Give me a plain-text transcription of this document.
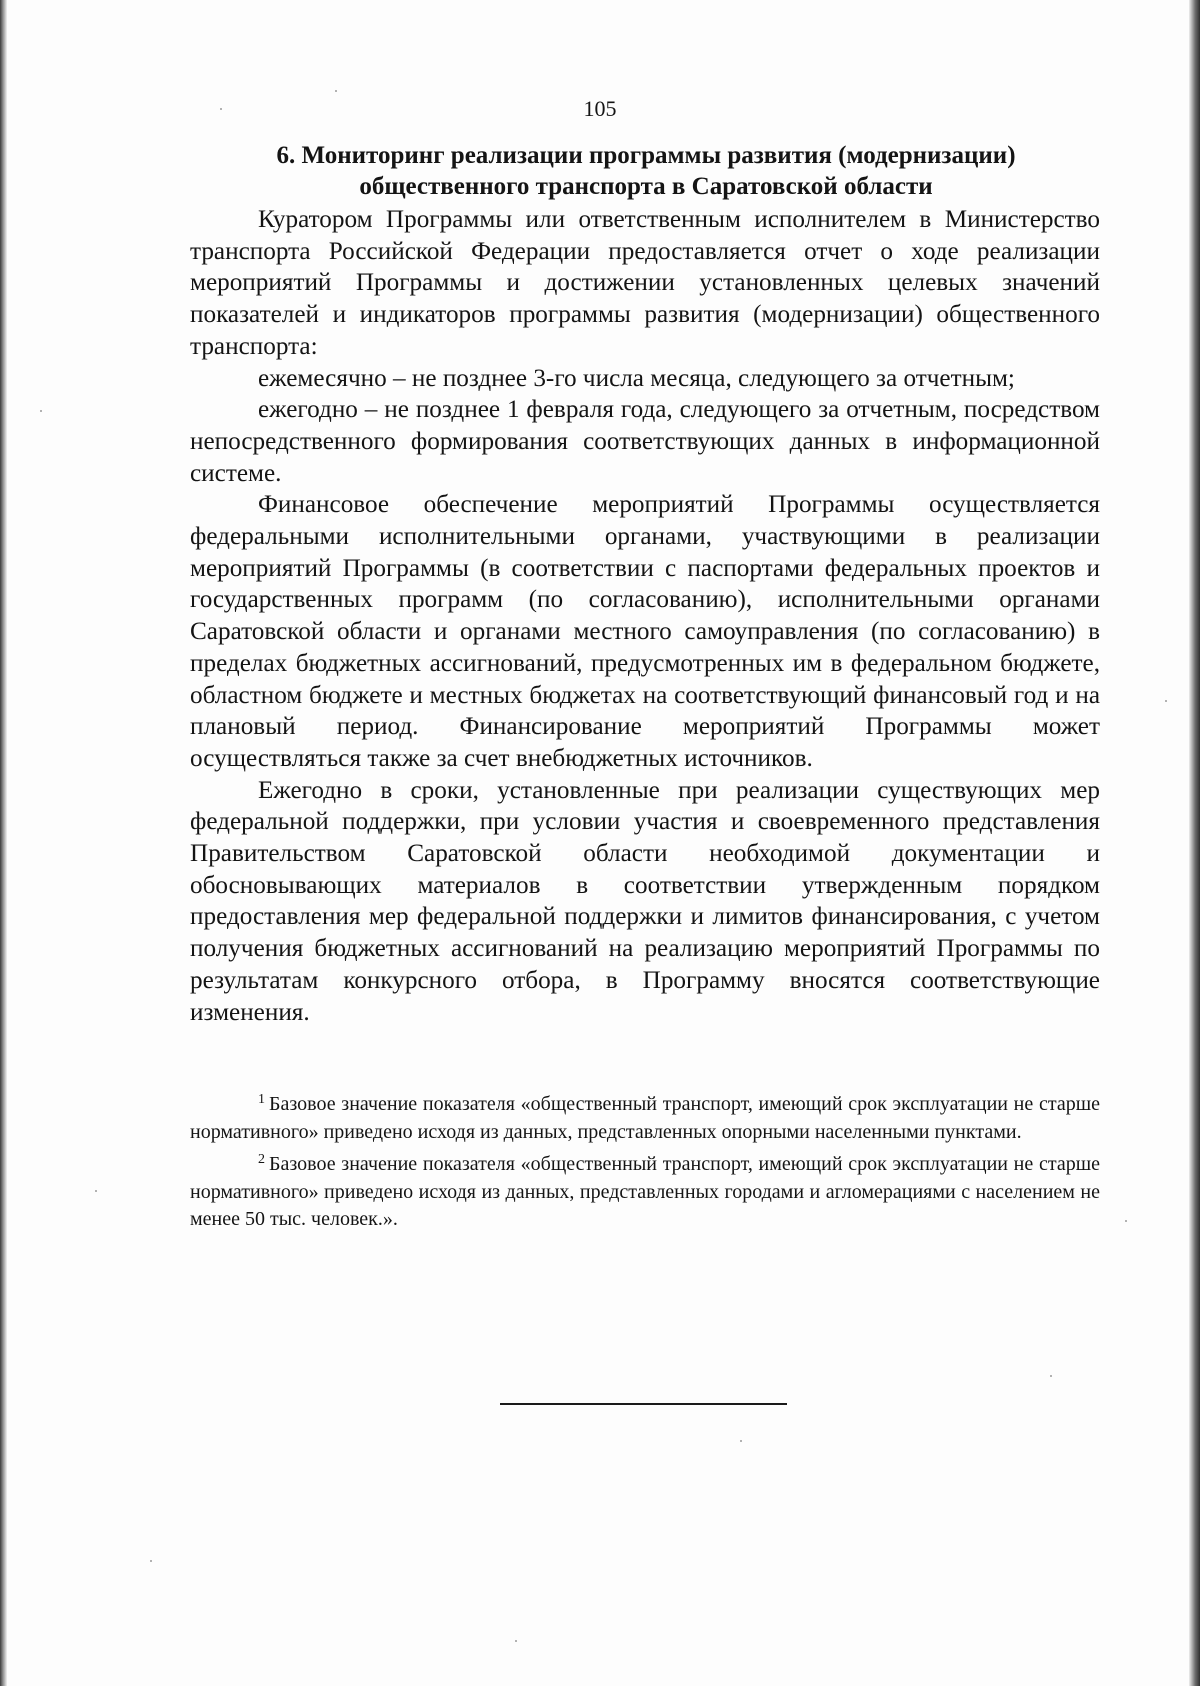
105
6. Мониторинг реализации программы развития (модернизации)
общественного транспорта в Саратовской области

Куратором Программы или ответственным исполнителем в Министерство транспорта Российской Федерации предоставляется отчет о ходе реализации мероприятий Программы и достижении установленных целевых значений показателей и индикаторов программы развития (модернизации) общественного транспорта:

ежемесячно – не позднее 3-го числа месяца, следующего за отчетным;

ежегодно – не позднее 1 февраля года, следующего за отчетным, посредством непосредственного формирования соответствующих данных в информационной системе.

Финансовое обеспечение мероприятий Программы осуществляется федеральными исполнительными органами, участвующими в реализации мероприятий Программы (в соответствии с паспортами федеральных проектов и государственных программ (по согласованию), исполнительными органами Саратовской области и органами местного самоуправления (по согласованию) в пределах бюджетных ассигнований, предусмотренных им в федеральном бюджете, областном бюджете и местных бюджетах на соответствующий финансовый год и на плановый период. Финансирование мероприятий Программы может осуществляться также за счет внебюджетных источников.

Ежегодно в сроки, установленные при реализации существующих мер федеральной поддержки, при условии участия и своевременного представления Правительством Саратовской области необходимой документации и обосновывающих материалов в соответствии утвержденным порядком предоставления мер федеральной поддержки и лимитов финансирования, с учетом получения бюджетных ассигнований на реализацию мероприятий Программы по результатам конкурсного отбора, в Программу вносятся соответствующие изменения.

$^1$ Базовое значение показателя «общественный транспорт, имеющий срок эксплуатации не старше нормативного» приведено исходя из данных, представленных опорными населенными пунктами.

$^2$ Базовое значение показателя «общественный транспорт, имеющий срок эксплуатации не старше нормативного» приведено исходя из данных, представленных городами и агломерациями с населением не менее 50 тыс. человек.».
